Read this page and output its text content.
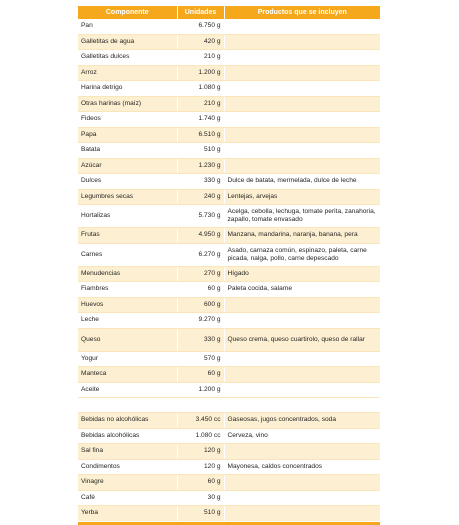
Componente	Unidades	Productos que se incluyen
Pan	6.750 g	
Galletitas de agua	420 g	
Galletitas dulces	210 g	
Arroz	1.200 g	
Harina detrigo	1.080 g	
Otras harinas (maíz)	210 g	
Fideos	1.740 g	
Papa	6.510 g	
Batata	510 g	
Azúcar	1.230 g	
Dulces	330 g	Dulce de batata, mermelada, dulce de leche
Legumbres secas	240 g	Lentejas, arvejas
Hortalizas	5.730 g	Acelga, cebolla, lechuga, tomate perita, zanahoria, zapallo, tomate envasado
Frutas	4.950 g	Manzana, mandarina, naranja, banana, pera
Carnes	6.270 g	Asado, carnaza común, espinazo, paleta, carne picada, nalga, pollo, carne depescado
Menudencias	270 g	Hígado
Fiambres	60 g	Paleta cocida, salame
Huevos	600 g	
Leche	9.270 g	
Queso	330 g	Queso crema, queso cuartirolo, queso de rallar
Yogur	570 g	
Manteca	60 g	
Aceite	1.200 g	

Bebidas no alcohólicas	3.450 cc	Gaseosas, jugos concentrados, soda
Bebidas alcohólicas	1.080 cc	Cerveza, vino
Sal fina	120 g	
Condimentos	120 g	Mayonesa, caldos concentrados
Vinagre	60 g	
Café	30 g	
Yerba	510 g	
